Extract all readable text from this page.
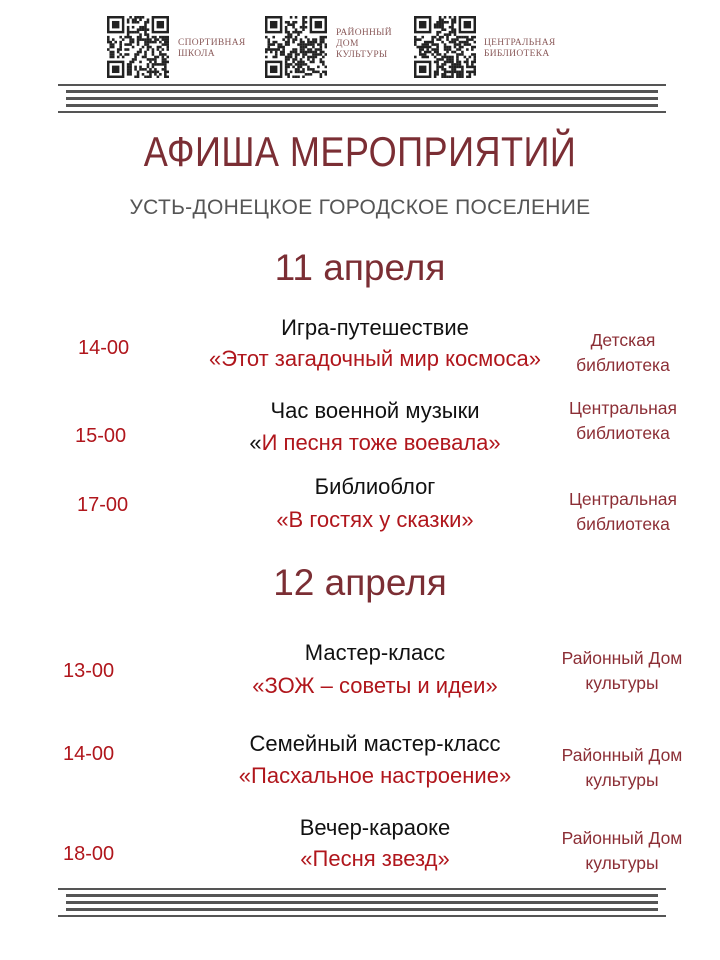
СПОРТИВНАЯ
ШКОЛА
РАЙОННЫЙ
ДОМ
КУЛЬТУРЫ
ЦЕНТРАЛЬНАЯ
БИБЛИОТЕКА
АФИША МЕРОПРИЯТИЙ
УСТЬ-ДОНЕЦКОЕ ГОРОДСКОЕ ПОСЕЛЕНИЕ
11 апреля
14-00
Игра-путешествие
«Этот загадочный мир космоса»
Детская
библиотека
15-00
Час военной музыки
«И песня тоже воевала»
Центральная
библиотека
17-00
Библиоблог
«В гостях у сказки»
Центральная
библиотека
12 апреля
13-00
Мастер-класс
«ЗОЖ – советы и идеи»
Районный Дом
культуры
14-00	Семейный мастер-класс
«Пасхальное настроение»
Районный Дом
культуры
18-00
Вечер-караоке
«Песня звезд»
Районный Дом
культуры
